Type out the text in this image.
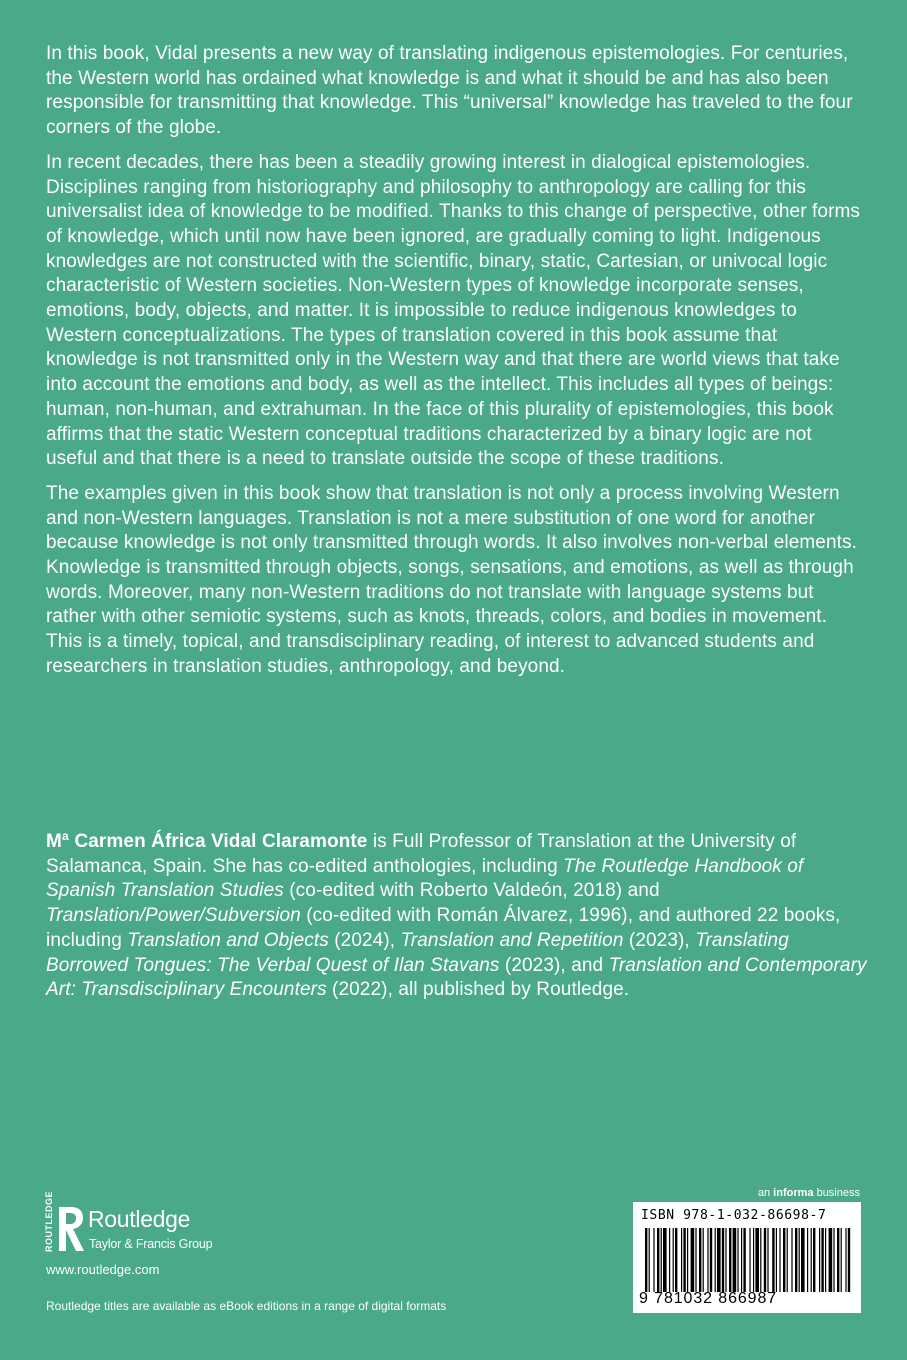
In this book, Vidal presents a new way of translating indigenous epistemologies. For centuries, the Western world has ordained what knowledge is and what it should be and has also been responsible for transmitting that knowledge. This “universal” knowledge has traveled to the four corners of the globe.

In recent decades, there has been a steadily growing interest in dialogical epistemologies. Disciplines ranging from historiography and philosophy to anthropology are calling for this universalist idea of knowledge to be modified. Thanks to this change of perspective, other forms of knowledge, which until now have been ignored, are gradually coming to light. Indigenous knowledges are not constructed with the scientific, binary, static, Cartesian, or univocal logic characteristic of Western societies. Non-Western types of knowledge incorporate senses, emotions, body, objects, and matter. It is impossible to reduce indigenous knowledges to Western conceptualizations. The types of translation covered in this book assume that knowledge is not transmitted only in the Western way and that there are world views that take into account the emotions and body, as well as the intellect. This includes all types of beings: human, non-human, and extrahuman. In the face of this plurality of epistemologies, this book affirms that the static Western conceptual traditions characterized by a binary logic are not useful and that there is a need to translate outside the scope of these traditions.

The examples given in this book show that translation is not only a process involving Western and non-Western languages. Translation is not a mere substitution of one word for another because knowledge is not only transmitted through words. It also involves non-verbal elements. Knowledge is transmitted through objects, songs, sensations, and emotions, as well as through words. Moreover, many non-Western traditions do not translate with language systems but rather with other semiotic systems, such as knots, threads, colors, and bodies in movement. This is a timely, topical, and transdisciplinary reading, of interest to advanced students and researchers in translation studies, anthropology, and beyond.

Mª Carmen África Vidal Claramonte is Full Professor of Translation at the University of Salamanca, Spain. She has co-edited anthologies, including The Routledge Handbook of Spanish Translation Studies (co-edited with Roberto Valdeón, 2018) and Translation/Power/Subversion (co-edited with Román Álvarez, 1996), and authored 22 books, including Translation and Objects (2024), Translation and Repetition (2023), Translating Borrowed Tongues: The Verbal Quest of Ilan Stavans (2023), and Translation and Contemporary Art: Transdisciplinary Encounters (2022), all published by Routledge.

ROUTLEDGE Routledge
Taylor & Francis Group
www.routledge.com
Routledge titles are available as eBook editions in a range of digital formats
an informa business
ISBN 978-1-032-86698-7
9 781032 866987
